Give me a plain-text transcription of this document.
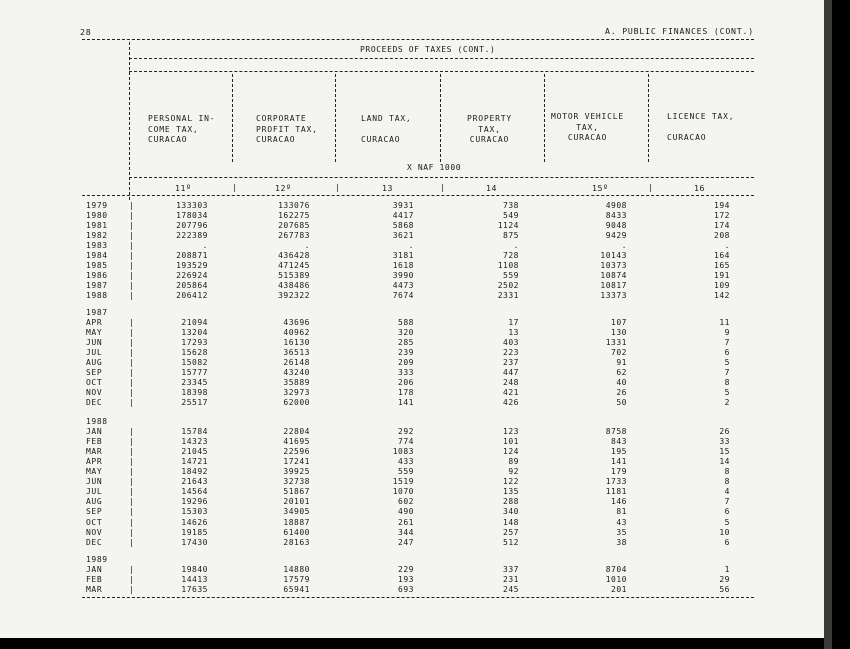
28	A. PUBLIC FINANCES (CONT.)
PROCEEDS OF TAXES (CONT.)
PERSONAL IN-
COME TAX,
CURACAO
CORPORATE
PROFIT TAX,
CURACAO
LAND TAX,

CURACAO
PROPERTY
TAX,
CURACAO
MOTOR VEHICLE
TAX,
CURACAO
LICENCE TAX,

CURACAO
X NAF 1000
11º	12º	13	14	15º	16
|	|	|	|
1979	|	133303	133076	3931	738	4908	194
1980	|	178034	162275	4417	549	8433	172
1981	|	207796	207685	5868	1124	9048	174
1982	|	222389	267783	3621	875	9429	208
1983	|	.	.	.	.	.	.
1984	|	208871	436428	3181	728	10143	164
1985	|	193529	471245	1618	1108	10373	165
1986	|	226924	515389	3990	559	10874	191
1987	|	205864	438486	4473	2502	10817	109
1988	|	206412	392322	7674	2331	13373	142
1987
APR	|	21094	43696	588	17	107	11
MAY	|	13204	40962	320	13	130	9
JUN	|	17293	16130	285	403	1331	7
JUL	|	15628	36513	239	223	702	6
AUG	|	15082	26148	209	237	91	5
SEP	|	15777	43240	333	447	62	7
OCT	|	23345	35889	206	248	40	8
NOV	|	18398	32973	178	421	26	5
DEC	|	25517	62000	141	426	50	2
1988
JAN	|	15784	22804	292	123	8758	26
FEB	|	14323	41695	774	101	843	33
MAR	|	21045	22596	1083	124	195	15
APR	|	14721	17241	433	89	141	14
MAY	|	18492	39925	559	92	179	8
JUN	|	21643	32738	1519	122	1733	8
JUL	|	14564	51867	1070	135	1181	4
AUG	|	19296	20101	602	288	146	7
SEP	|	15303	34905	490	340	81	6
OCT	|	14626	18887	261	148	43	5
NOV	|	19185	61400	344	257	35	10
DEC	|	17430	28163	247	512	38	6
1989
JAN	|	19840	14880	229	337	8704	1
FEB	|	14413	17579	193	231	1010	29
MAR	|	17635	65941	693	245	201	56
